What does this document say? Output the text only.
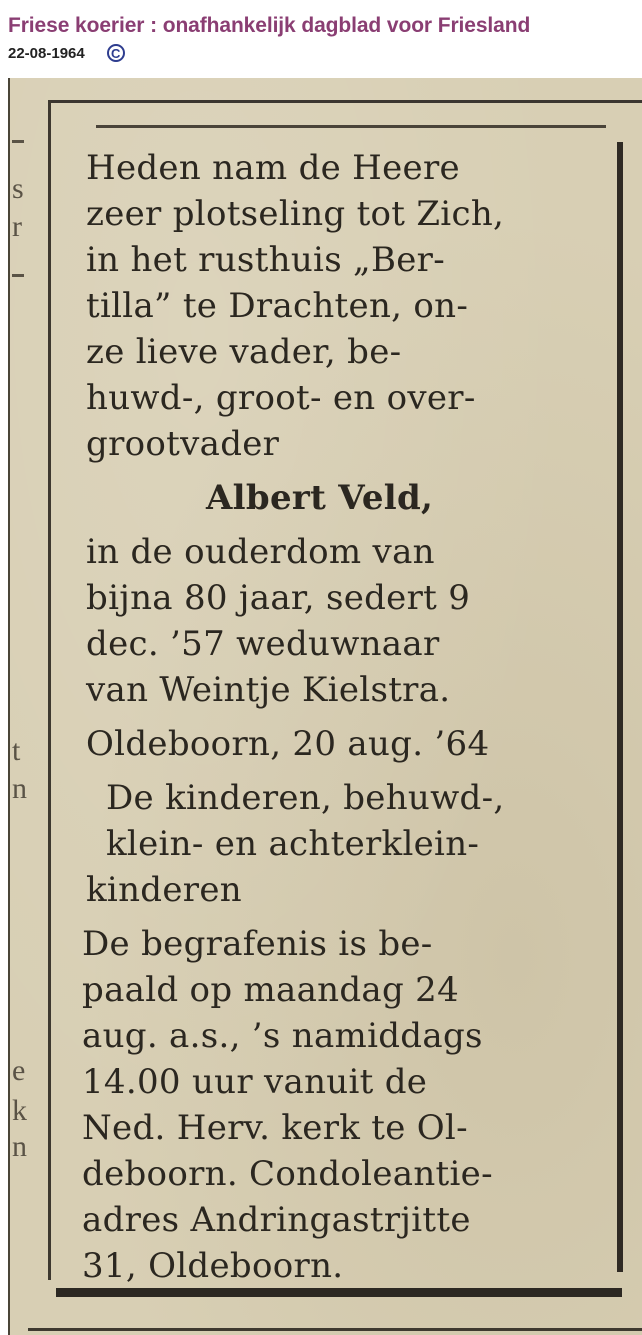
Friese koerier : onafhankelijk dagblad voor Friesland
22-08-1964	C
s
r
t
n
e
k
n
Heden nam de Heere
zeer plotseling tot Zich,
in het rusthuis „Ber-
tilla” te Drachten, on-
ze lieve vader, be-
huwd-, groot- en over-
grootvader
Albert Veld,
in de ouderdom van
bijna 80 jaar, sedert 9
dec. ’57 weduwnaar
van Weintje Kielstra.
Oldeboorn, 20 aug. ’64
De kinderen, behuwd-,
klein- en achterklein-
kinderen
De begrafenis is be-
paald op maandag 24
aug. a.s., ’s namiddags
14.00 uur vanuit de
Ned. Herv. kerk te Ol-
deboorn. Condoleantie-
adres Andringastrjitte
31, Oldeboorn.
